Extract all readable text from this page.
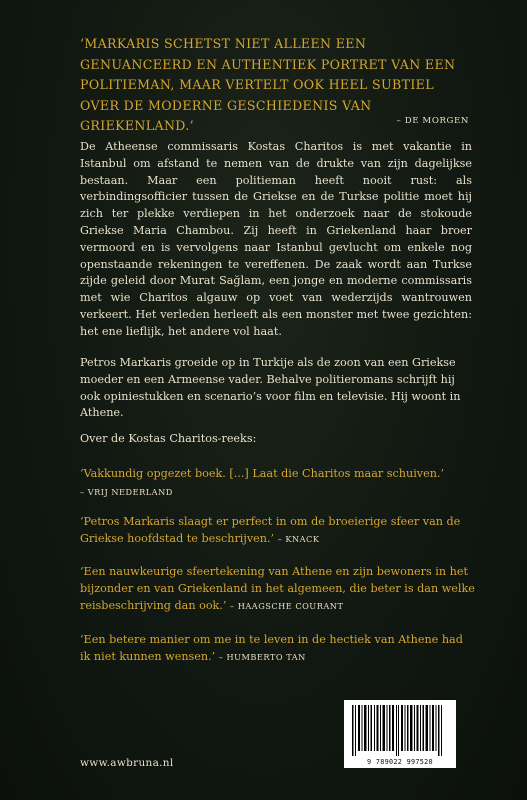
‘MARKARIS SCHETST NIET ALLEEN EEN GENUANCEERD EN AUTHENTIEK PORTRET VAN EEN POLITIEMAN, MAAR VERTELT OOK HEEL SUBTIEL OVER DE MODERNE GESCHIEDENIS VAN GRIEKENLAND.’	– DE MORGEN
De Atheense commissaris Kostas Charitos is met vakantie in Istanbul om afstand te nemen van de drukte van zijn dagelijkse bestaan. Maar een politieman heeft nooit rust: als verbindingsofficier tussen de Griekse en de Turkse politie moet hij zich ter plekke verdiepen in het onderzoek naar de stokoude Griekse Maria Chambou. Zij heeft in Griekenland haar broer vermoord en is vervolgens naar Istanbul gevlucht om enkele nog openstaande rekeningen te vereffenen. De zaak wordt aan Turkse zijde geleid door Murat Sağlam, een jonge en moderne commissaris met wie Charitos algauw op voet van wederzijds wantrouwen verkeert. Het verleden herleeft als een monster met twee gezichten: het ene lieflijk, het andere vol haat.
Petros Markaris groeide op in Turkije als de zoon van een Griekse moeder en een Armeense vader. Behalve politieromans schrijft hij ook opiniestukken en scenario’s voor film en televisie. Hij woont in Athene.
Over de Kostas Charitos-reeks:
‘Vakkundig opgezet boek. [...] Laat die Charitos maar schuiven.’
– VRIJ NEDERLAND
‘Petros Markaris slaagt er perfect in om de broeierige sfeer van de Griekse hoofdstad te beschrijven.’ – KNACK
‘Een nauwkeurige sfeertekening van Athene en zijn bewoners in het bijzonder en van Griekenland in het algemeen, die beter is dan welke reisbeschrijving dan ook.’ – HAAGSCHE COURANT
‘Een betere manier om me in te leven in de hectiek van Athene had ik niet kunnen wensen.’ – HUMBERTO TAN
www.awbruna.nl	9 789022 997520
